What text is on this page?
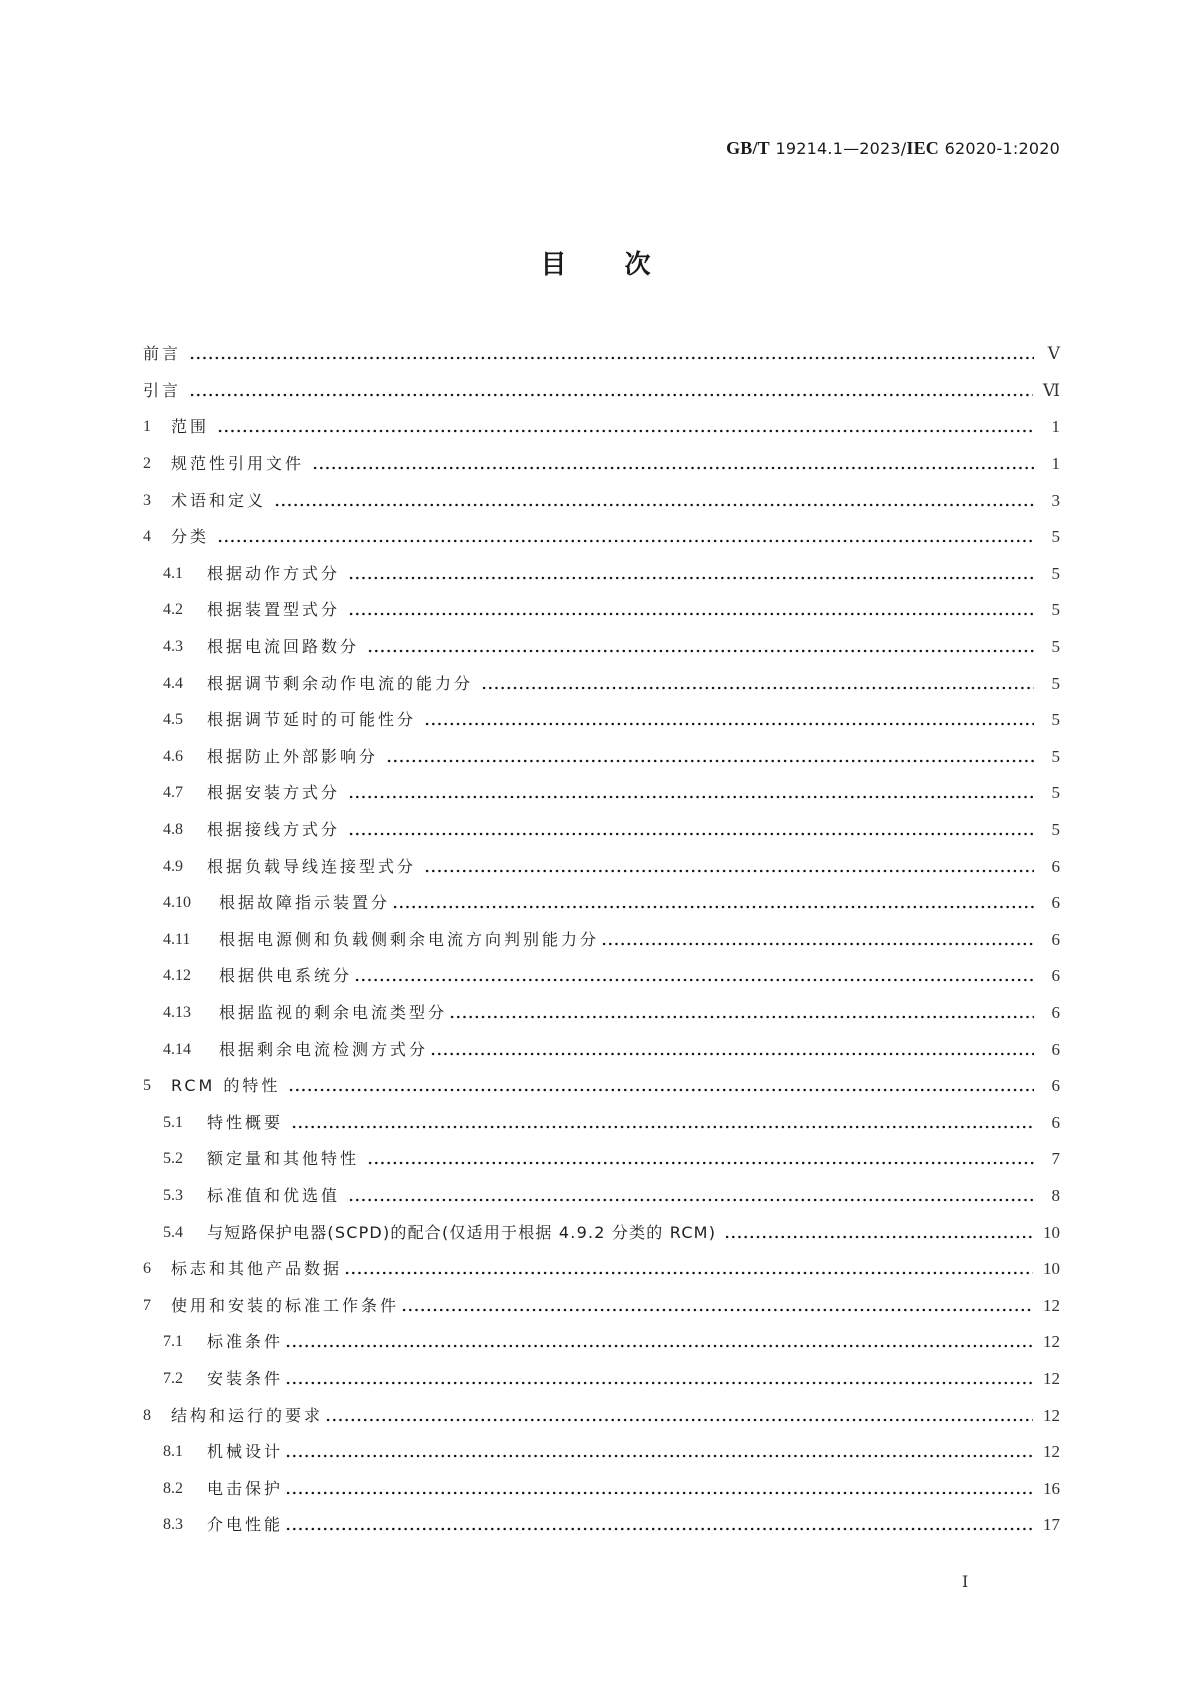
GB/T 19214.1—2023/IEC 62020-1:2020
目 次
前言	Ⅴ
引言	Ⅵ
1	范围	1
2	规范性引用文件	1
3	术语和定义	3
4	分类	5
4.1	根据动作方式分	5
4.2	根据装置型式分	5
4.3	根据电流回路数分	5
4.4	根据调节剩余动作电流的能力分	5
4.5	根据调节延时的可能性分	5
4.6	根据防止外部影响分	5
4.7	根据安装方式分	5
4.8	根据接线方式分	5
4.9	根据负载导线连接型式分	6
4.10	根据故障指示装置分	6
4.11	根据电源侧和负载侧剩余电流方向判别能力分	6
4.12	根据供电系统分	6
4.13	根据监视的剩余电流类型分	6
4.14	根据剩余电流检测方式分	6
5	RCM 的特性	6
5.1	特性概要	6
5.2	额定量和其他特性	7
5.3	标准值和优选值	8
5.4	与短路保护电器(SCPD)的配合(仅适用于根据 4.9.2 分类的 RCM)	10
6	标志和其他产品数据	10
7	使用和安装的标准工作条件	12
7.1	标准条件	12
7.2	安装条件	12
8	结构和运行的要求	12
8.1	机械设计	12
8.2	电击保护	16
8.3	介电性能	17
Ⅰ
